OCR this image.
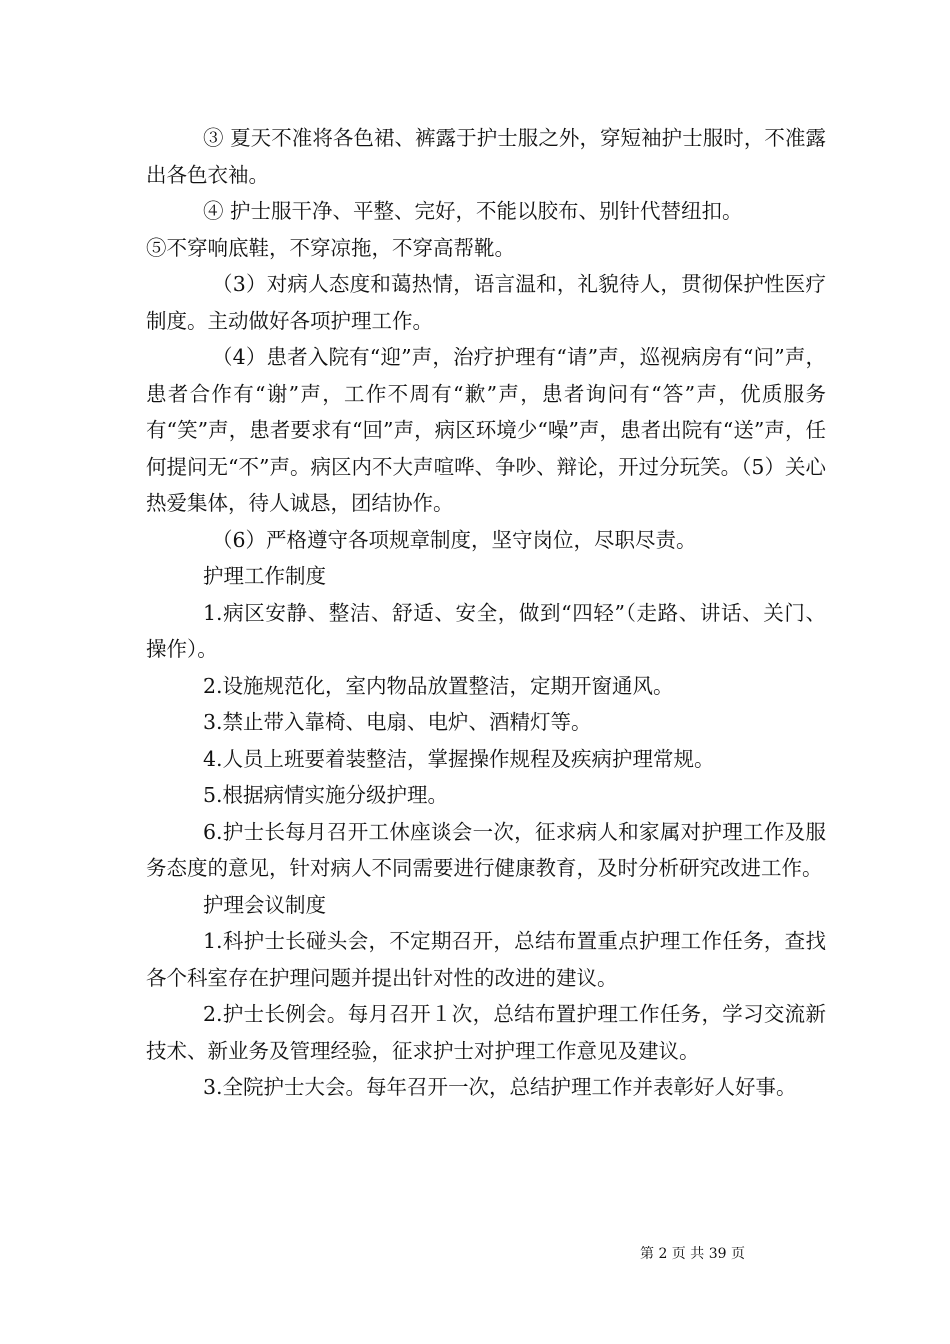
③ 夏天不准将各色裙、裤露于护士服之外，穿短袖护士服时，不准露出各色衣袖。

④ 护士服干净、平整、完好，不能以胶布、别针代替纽扣。

⑤不穿响底鞋，不穿凉拖，不穿高帮靴。

（3）对病人态度和蔼热情，语言温和，礼貌待人，贯彻保护性医疗制度。主动做好各项护理工作。

（4）患者入院有“迎”声，治疗护理有“请”声，巡视病房有“问”声，患者合作有“谢”声，工作不周有“歉”声，患者询问有“答”声，优质服务有“笑”声，患者要求有“回”声，病区环境少“噪”声，患者出院有“送”声，任何提问无“不”声。病区内不大声喧哗、争吵、辩论，开过分玩笑。（5）关心热爱集体，待人诚恳，团结协作。

（6）严格遵守各项规章制度，坚守岗位，尽职尽责。

护理工作制度

1.病区安静、整洁、舒适、安全，做到“四轻”（走路、讲话、关门、操作）。

2.设施规范化，室内物品放置整洁，定期开窗通风。

3.禁止带入靠椅、电扇、电炉、酒精灯等。

4.人员上班要着装整洁，掌握操作规程及疾病护理常规。

5.根据病情实施分级护理。

6.护士长每月召开工休座谈会一次，征求病人和家属对护理工作及服务态度的意见，针对病人不同需要进行健康教育，及时分析研究改进工作。

护理会议制度

1.科护士长碰头会，不定期召开，总结布置重点护理工作任务，查找各个科室存在护理问题并提出针对性的改进的建议。

2.护士长例会。每月召开１次，总结布置护理工作任务，学习交流新技术、新业务及管理经验，征求护士对护理工作意见及建议。

3.全院护士大会。每年召开一次，总结护理工作并表彰好人好事。

第 2 页 共 39 页
